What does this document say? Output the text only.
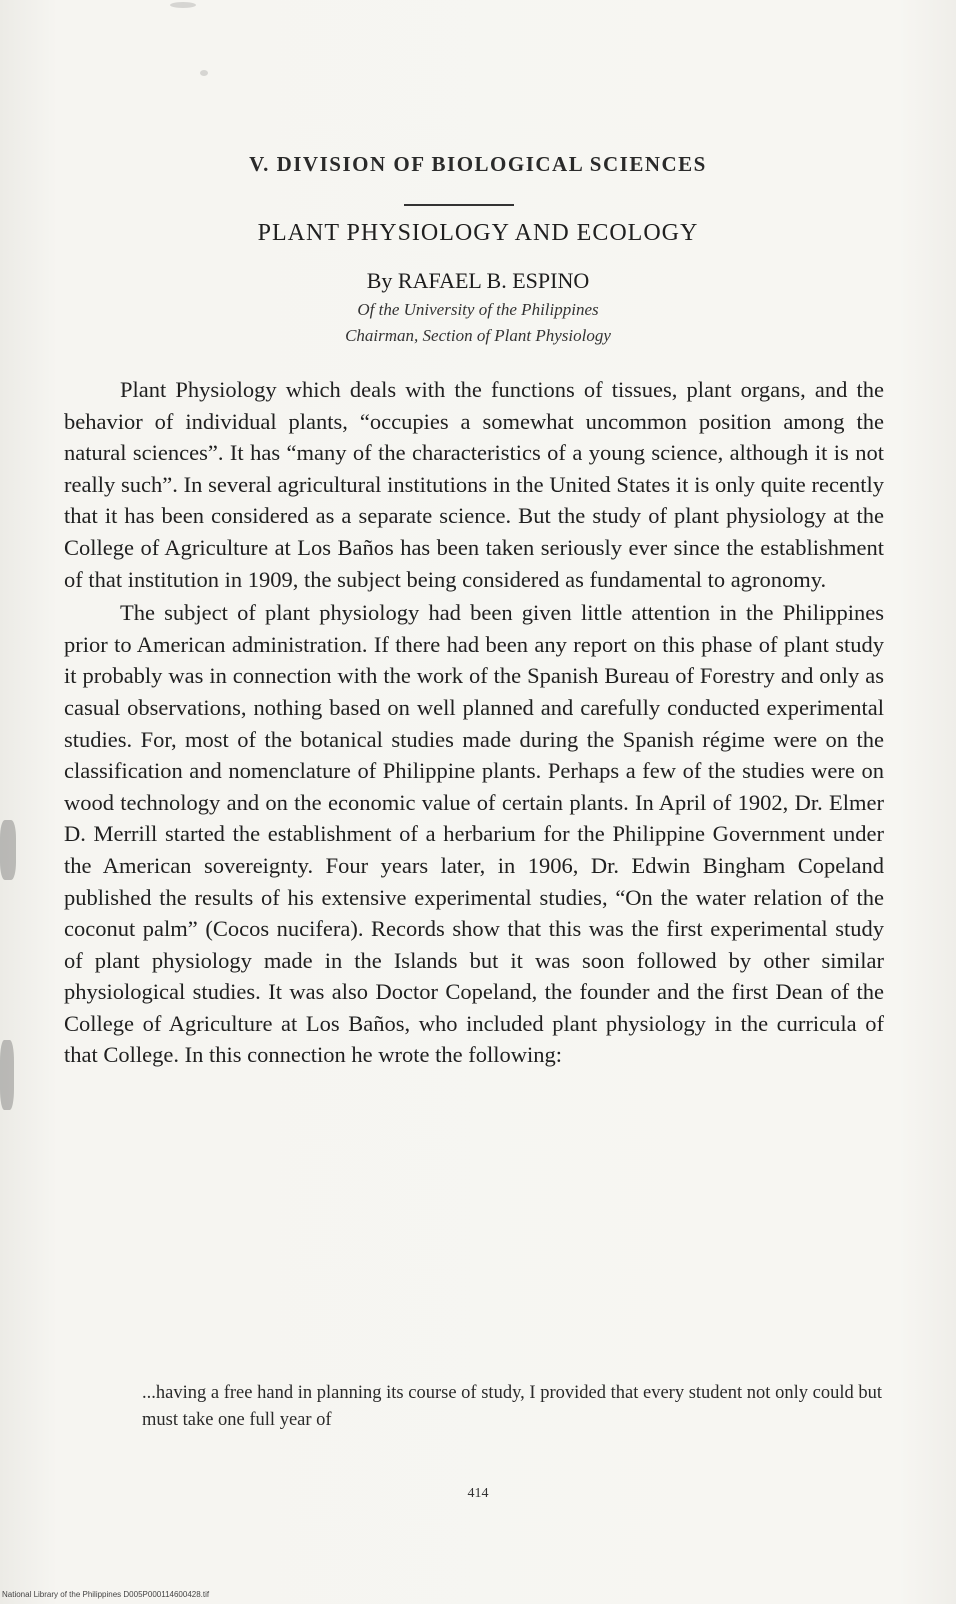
V. DIVISION OF BIOLOGICAL SCIENCES
PLANT PHYSIOLOGY AND ECOLOGY
By RAFAEL B. ESPINO
Of the University of the Philippines
Chairman, Section of Plant Physiology

Plant Physiology which deals with the functions of tissues, plant organs, and the behavior of individual plants, “occupies a somewhat uncommon position among the natural sciences”. It has “many of the characteristics of a young science, although it is not really such”. In several agricultural institutions in the United States it is only quite recently that it has been considered as a separate science. But the study of plant physiology at the College of Agriculture at Los Baños has been taken seriously ever since the establishment of that institution in 1909, the subject being considered as fundamental to agronomy.

The subject of plant physiology had been given little attention in the Philippines prior to American administration. If there had been any report on this phase of plant study it probably was in connection with the work of the Spanish Bureau of Forestry and only as casual observations, nothing based on well planned and carefully conducted experimental studies. For, most of the botanical studies made during the Spanish régime were on the classification and nomenclature of Philippine plants. Perhaps a few of the studies were on wood technology and on the economic value of certain plants. In April of 1902, Dr. Elmer D. Merrill started the establishment of a herbarium for the Philippine Government under the American sovereignty. Four years later, in 1906, Dr. Edwin Bingham Copeland published the results of his extensive experimental studies, “On the water relation of the coconut palm” (Cocos nucifera). Records show that this was the first experimental study of plant physiology made in the Islands but it was soon followed by other similar physiological studies. It was also Doctor Copeland, the founder and the first Dean of the College of Agriculture at Los Baños, who included plant physiology in the curricula of that College. In this connection he wrote the following:

...having a free hand in planning its course of study, I provided that every student not only could but must take one full year of
414
National Library of the Philippines D005P000114600428.tif
